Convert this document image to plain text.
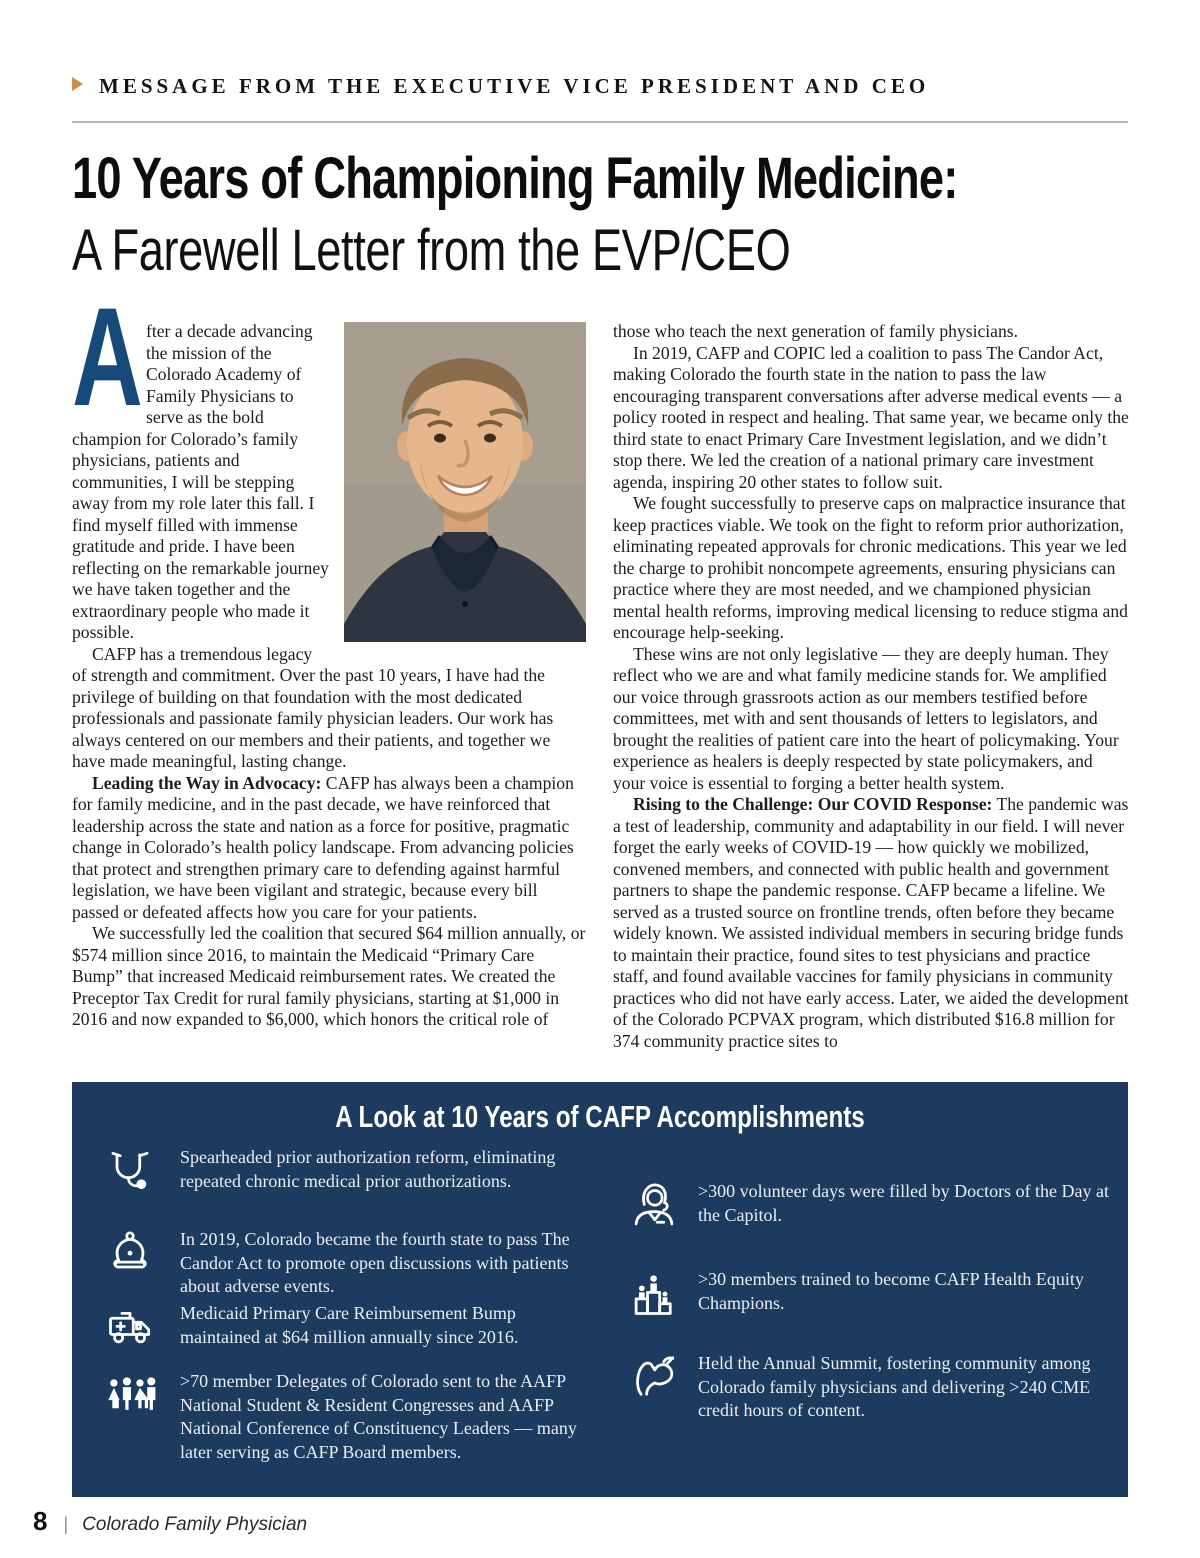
MESSAGE FROM THE EXECUTIVE VICE PRESIDENT AND CEO
10 Years of Championing Family Medicine:
A Farewell Letter from the EVP/CEO
A fter a decade advancing the mission of the Colorado Academy of Family Physicians to serve as the bold champion for Colorado’s family physicians, patients and communities, I will be stepping away from my role later this fall. I find myself filled with immense gratitude and pride. I have been reflecting on the remarkable journey we have taken together and the extraordinary people who made it possible.

CAFP has a tremendous legacy of strength and commitment. Over the past 10 years, I have had the privilege of building on that foundation with the most dedicated professionals and passionate family physician leaders. Our work has always centered on our members and their patients, and together we have made meaningful, lasting change.

Leading the Way in Advocacy: CAFP has always been a champion for family medicine, and in the past decade, we have reinforced that leadership across the state and nation as a force for positive, pragmatic change in Colorado’s health policy landscape. From advancing policies that protect and strengthen primary care to defending against harmful legislation, we have been vigilant and strategic, because every bill passed or defeated affects how you care for your patients.

We successfully led the coalition that secured $64 million annually, or $574 million since 2016, to maintain the Medicaid “Primary Care Bump” that increased Medicaid reimbursement rates. We created the Preceptor Tax Credit for rural family physicians, starting at $1,000 in 2016 and now expanded to $6,000, which honors the critical role of

those who teach the next generation of family physicians.

In 2019, CAFP and COPIC led a coalition to pass The Candor Act, making Colorado the fourth state in the nation to pass the law encouraging transparent conversations after adverse medical events — a policy rooted in respect and healing. That same year, we became only the third state to enact Primary Care Investment legislation, and we didn’t stop there. We led the creation of a national primary care investment agenda, inspiring 20 other states to follow suit.

We fought successfully to preserve caps on malpractice insurance that keep practices viable. We took on the fight to reform prior authorization, eliminating repeated approvals for chronic medications. This year we led the charge to prohibit noncompete agreements, ensuring physicians can practice where they are most needed, and we championed physician mental health reforms, improving medical licensing to reduce stigma and encourage help-seeking.

These wins are not only legislative — they are deeply human. They reflect who we are and what family medicine stands for. We amplified our voice through grassroots action as our members testified before committees, met with and sent thousands of letters to legislators, and brought the realities of patient care into the heart of policymaking. Your experience as healers is deeply respected by state policymakers, and your voice is essential to forging a better health system.

Rising to the Challenge: Our COVID Response: The pandemic was a test of leadership, community and adaptability in our field. I will never forget the early weeks of COVID-19 — how quickly we mobilized, convened members, and connected with public health and government partners to shape the pandemic response. CAFP became a lifeline. We served as a trusted source on frontline trends, often before they became widely known. We assisted individual members in securing bridge funds to maintain their practice, found sites to test physicians and practice staff, and found available vaccines for family physicians in community practices who did not have early access. Later, we aided the development of the Colorado PCPVAX program, which distributed $16.8 million for 374 community practice sites to

A Look at 10 Years of CAFP Accomplishments
Spearheaded prior authorization reform, eliminating repeated chronic medical prior authorizations.
In 2019, Colorado became the fourth state to pass The Candor Act to promote open discussions with patients about adverse events.
Medicaid Primary Care Reimbursement Bump maintained at $64 million annually since 2016.
>70 member Delegates of Colorado sent to the AAFP National Student & Resident Congresses and AAFP National Conference of Constituency Leaders — many later serving as CAFP Board members.
>300 volunteer days were filled by Doctors of the Day at the Capitol.
>30 members trained to become CAFP Health Equity Champions.
Held the Annual Summit, fostering community among Colorado family physicians and delivering >240 CME credit hours of content.
8 | Colorado Family Physician
